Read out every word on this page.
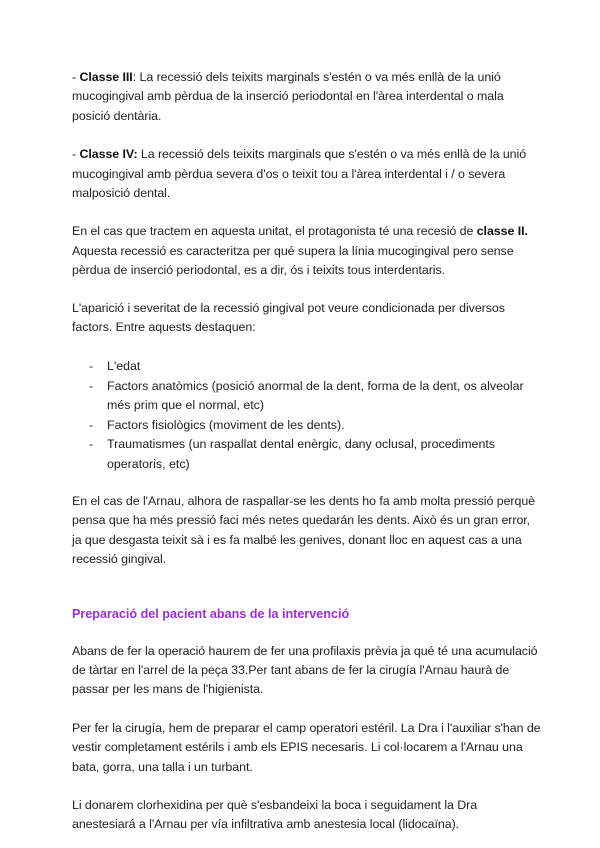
- Classe III: La recessió dels teixits marginals s'estén o va més enllà de la unió mucogingival amb pèrdua de la inserció periodontal en l'àrea interdental o mala posició dentària.

- Classe IV: La recessió dels teixits marginals que s'estén o va més enllà de la unió mucogingival amb pèrdua severa d'os o teixit tou a l'àrea interdental i / o severa malposició dental.

En el cas que tractem en aquesta unitat, el protagonista té una recesió de classe II. Aquesta recessió es caracteritza per qué supera la línia mucogingival pero sense pèrdua de inserció periodontal, es a dir, ós i teixits tous interdentaris.

L'aparició i severitat de la recessió gingival pot veure condicionada per diversos factors. Entre aquests destaquen:

- L'edat
- Factors anatòmics (posició anormal de la dent, forma de la dent, os alveolar més prim que el normal, etc)
- Factors fisiològics (moviment de les dents).
- Traumatismes (un raspallat dental enèrgic, dany oclusal, procediments operatoris, etc)

En el cas de l'Arnau, alhora de raspallar-se les dents ho fa amb molta pressió perquè pensa que ha més pressió faci més netes quedarán les dents. Això és un gran error, ja que desgasta teixit sà i es fa malbé les genives, donant lloc en aquest cas a una recessió gingival.

Preparació del pacient abans de la intervenció

Abans de fer la operació haurem de fer una profilaxis prèvia ja qué té una acumulació de tàrtar en l'arrel de la peça 33.Per tant abans de fer la cirugía l'Arnau haurà de passar per les mans de l'higienista.

Per fer la cirugía, hem de preparar el camp operatori estéril. La Dra i l'auxiliar s'han de vestir completament estérils i amb els EPIS necesaris. Li col·locarem a l'Arnau una bata, gorra, una talla i un turbant.

Li donarem clorhexidina per què s'esbandeixi la boca i seguidament la Dra anestesiará a l'Arnau per vía infiltrativa amb anestesia local (lidocaïna).
